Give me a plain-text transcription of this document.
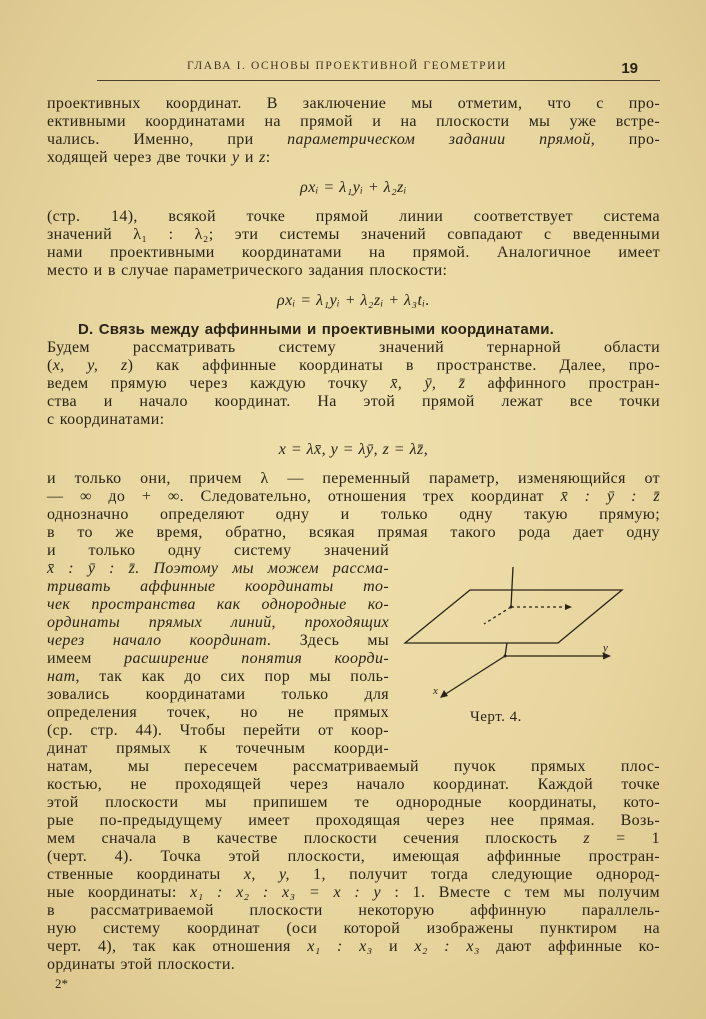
ГЛАВА I. ОСНОВЫ ПРОЕКТИВНОЙ ГЕОМЕТРИИ	19
проективных координат. В заключение мы отметим, что с про-
ективными координатами на прямой и на плоскости мы уже встре-
чались. Именно, при параметрическом задании прямой, про-
ходящей через две точки y и z:
ρxᵢ = λ₁yᵢ + λ₂zᵢ
(стр. 14), всякой точке прямой линии соответствует система
значений λ₁ : λ₂; эти системы значений совпадают с введенными
нами проективными координатами на прямой. Аналогичное имеет
место и в случае параметрического задания плоскости:
ρxᵢ = λ₁yᵢ + λ₂zᵢ + λ₃tᵢ.
D. Связь между аффинными и проективными координатами.
Будем рассматривать систему значений тернарной области
(x, y, z) как аффинные координаты в пространстве. Далее, про-
ведем прямую через каждую точку x̄, ȳ, z̄ аффинного простран-
ства и начало координат. На этой прямой лежат все точки
с координатами:
x = λx̄, y = λȳ, z = λz̄,
и только они, причем λ — переменный параметр, изменяющийся от
— ∞ до + ∞. Следовательно, отношения трех координат x̄ : ȳ : z̄
однозначно определяют одну и только одну такую прямую;
в то же время, обратно, всякая прямая такого рода дает одну
и только одну систему значений
x̄ : ȳ : z̄. Поэтому мы можем рассма-
тривать аффинные координаты то-
чек пространства как однородные ко-
ординаты прямых линий, проходящих
через начало координат. Здесь мы
имеем расширение понятия коорди-
нат, так как до сих пор мы поль-
зовались координатами только для
определения точек, но не прямых
(ср. стр. 44). Чтобы перейти от коор-
динат прямых к точечным коорди-
натам, мы пересечем рассматриваемый пучок прямых плос-
костью, не проходящей через начало координат. Каждой точке
этой плоскости мы припишем те однородные координаты, кото-
рые по-предыдущему имеет проходящая через нее прямая. Возь-
мем сначала в качестве плоскости сечения плоскость z = 1
(черт. 4). Точка этой плоскости, имеющая аффинные простран-
ственные координаты x, y, 1, получит тогда следующие однород-
ные координаты: x₁ : x₂ : x₃ = x : y : 1. Вместе с тем мы получим
в рассматриваемой плоскости некоторую аффинную параллель-
ную систему координат (оси которой изображены пунктиром на
черт. 4), так как отношения x₁ : x₃ и x₂ : x₃ дают аффинные ко-
ординаты этой плоскости.
y
x
Черт. 4.
2*
